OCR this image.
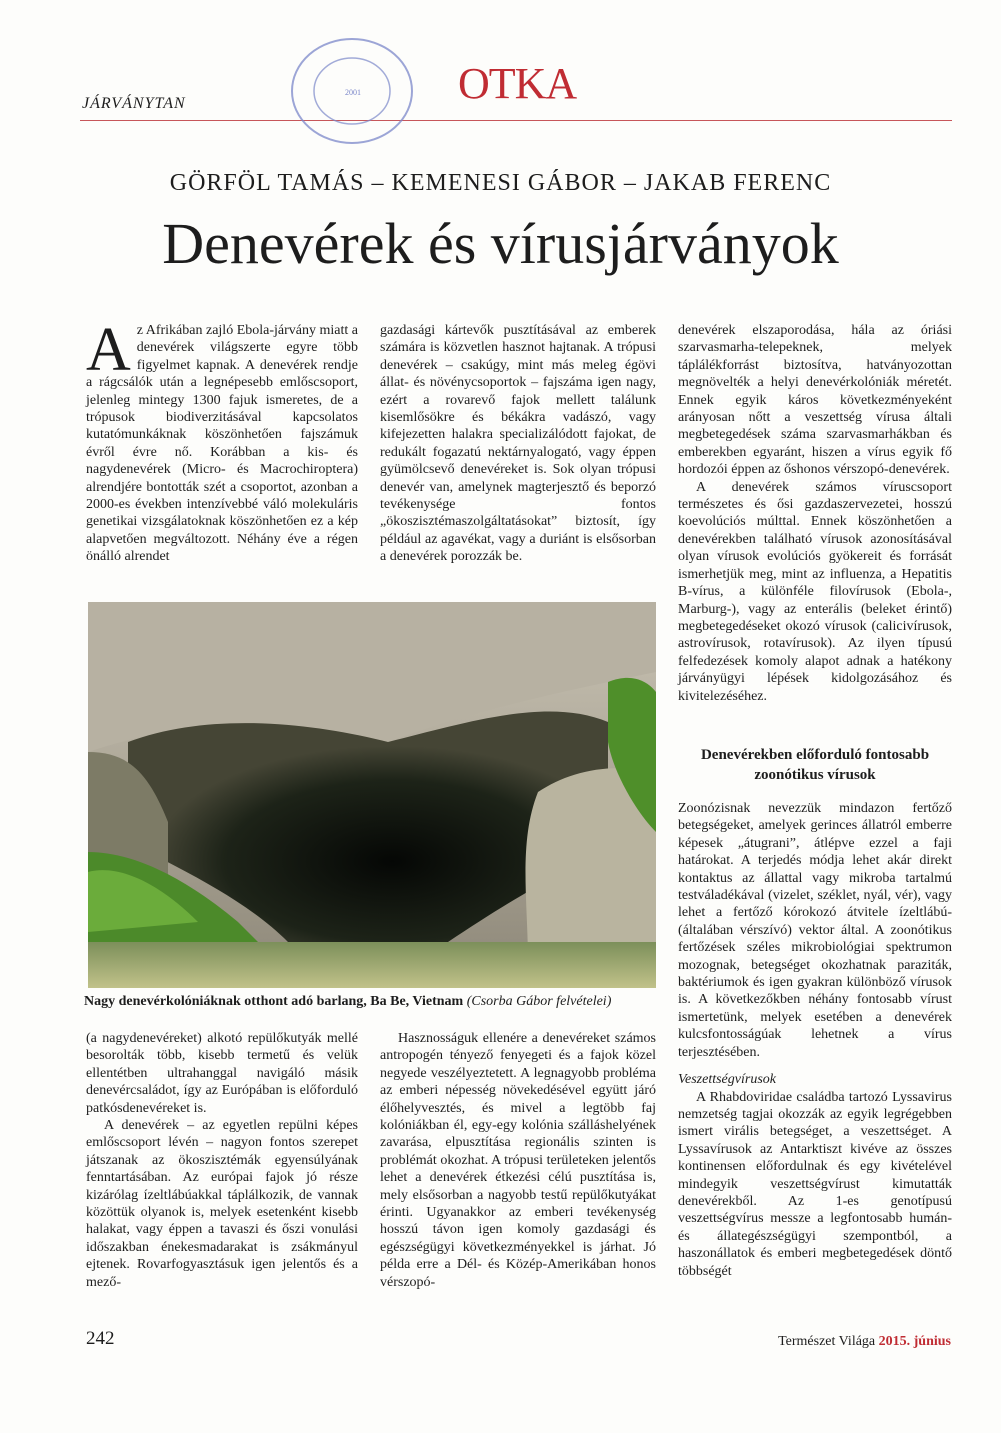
JÁRVÁNYTAN
2001 OTKA
GÖRFÖL TAMÁS – KEMENESI GÁBOR – JAKAB FERENC
Denevérek és vírusjárványok

Az Afrikában zajló Ebola-járvány miatt a denevérek világszerte egyre több figyelmet kapnak. A denevérek rendje a rágcsálók után a legnépesebb emlőscsoport, jelenleg mintegy 1300 fajuk ismeretes, de a trópusok biodiverzitásával kapcsolatos kutatómunkáknak köszönhetően fajszámuk évről évre nő. Korábban a kis- és nagydenevérek (Micro- és Macrochiroptera) alrendjére bontották szét a csoportot, azonban a 2000-es években intenzívebbé váló molekuláris genetikai vizsgálatoknak köszönhetően ez a kép alapvetően megváltozott. Néhány éve a régen önálló alrendet

gazdasági kártevők pusztításával az emberek számára is közvetlen hasznot hajtanak. A trópusi denevérek – csakúgy, mint más meleg égövi állat- és növénycsoportok – fajszáma igen nagy, ezért a rovarevő fajok mellett találunk kisemlősökre és békákra vadászó, vagy kifejezetten halakra specializálódott fajokat, de redukált fogazatú nektárnyalogató, vagy éppen gyümölcsevő denevéreket is. Sok olyan trópusi denevér van, amelynek magterjesztő és beporzó tevékenysége fontos „ökoszisztémaszolgáltatásokat” biztosít, így például az agavékat, vagy a duriánt is elsősorban a denevérek porozzák be.

denevérek elszaporodása, hála az óriási szarvasmarha-telepeknek, melyek táplálékforrást biztosítva, hatványozottan megnövelték a helyi denevérkolóniák méretét. Ennek egyik káros következményeként arányosan nőtt a veszettség vírusa általi megbetegedések száma szarvasmarhákban és emberekben egyaránt, hiszen a vírus egyik fő hordozói éppen az őshonos vérszopó-denevérek.

A denevérek számos víruscsoport természetes és ősi gazdaszervezetei, hosszú koevolúciós múlttal. Ennek köszönhetően a denevérekben található vírusok azonosításával olyan vírusok evolúciós gyökereit és forrását ismerhetjük meg, mint az influenza, a Hepatitis B-vírus, a különféle filovírusok (Ebola-, Marburg-), vagy az enterális (beleket érintő) megbetegedéseket okozó vírusok (calicivírusok, astrovírusok, rotavírusok). Az ilyen típusú felfedezések komoly alapot adnak a hatékony járványügyi lépések kidolgozásához és kivitelezéséhez.

Denevérekben előforduló fontosabb zoonótikus vírusok

Zoonózisnak nevezzük mindazon fertőző betegségeket, amelyek gerinces állatról emberre képesek „átugrani”, átlépve ezzel a faji határokat. A terjedés módja lehet akár direkt kontaktus az állattal vagy mikroba tartalmú testváladékával (vizelet, széklet, nyál, vér), vagy lehet a fertőző kórokozó átvitele ízeltlábú- (általában vérszívó) vektor által. A zoonótikus fertőzések széles mikrobiológiai spektrumon mozognak, betegséget okozhatnak paraziták, baktériumok és igen gyakran különböző vírusok is. A következőkben néhány fontosabb vírust ismertetünk, melyek esetében a denevérek kulcsfontosságúak lehetnek a vírus terjesztésében.

Veszettségvírusok

A Rhabdoviridae családba tartozó Lyssavirus nemzetség tagjai okozzák az egyik legrégebben ismert virális betegséget, a veszettséget. A Lyssavírusok az Antarktiszt kivéve az összes kontinensen előfordulnak és egy kivételével mindegyik veszettségvírust kimutatták denevérekből. Az 1-es genotípusú veszettségvírus messze a legfontosabb humán- és állategészségügyi szempontból, a haszonállatok és emberi megbetegedések döntő többségét

Nagy denevérkolóniáknak otthont adó barlang, Ba Be, Vietnam (Csorba Gábor felvételei)

(a nagydenevéreket) alkotó repülőkutyák mellé besorolták több, kisebb termetű és velük ellentétben ultrahanggal navigáló másik denevércsaládot, így az Európában is előforduló patkósdenevéreket is.

A denevérek – az egyetlen repülni képes emlőscsoport lévén – nagyon fontos szerepet játszanak az ökoszisztémák egyensúlyának fenntartásában. Az európai fajok jó része kizárólag ízeltlábúakkal táplálkozik, de vannak közöttük olyanok is, melyek esetenként kisebb halakat, vagy éppen a tavaszi és őszi vonulási időszakban énekesmadarakat is zsákmányul ejtenek. Rovarfogyasztásuk igen jelentős és a mező-

Hasznosságuk ellenére a denevéreket számos antropogén tényező fenyegeti és a fajok közel negyede veszélyeztetett. A legnagyobb probléma az emberi népesség növekedésével együtt járó élőhelyvesztés, és mivel a legtöbb faj kolóniákban él, egy-egy kolónia szálláshelyének zavarása, elpusztítása regionális szinten is problémát okozhat. A trópusi területeken jelentős lehet a denevérek étkezési célú pusztítása is, mely elsősorban a nagyobb testű repülőkutyákat érinti. Ugyanakkor az emberi tevékenység hosszú távon igen komoly gazdasági és egészségügyi következményekkel is járhat. Jó példa erre a Dél- és Közép-Amerikában honos vérszopó-

242	Természet Világa 2015. június
